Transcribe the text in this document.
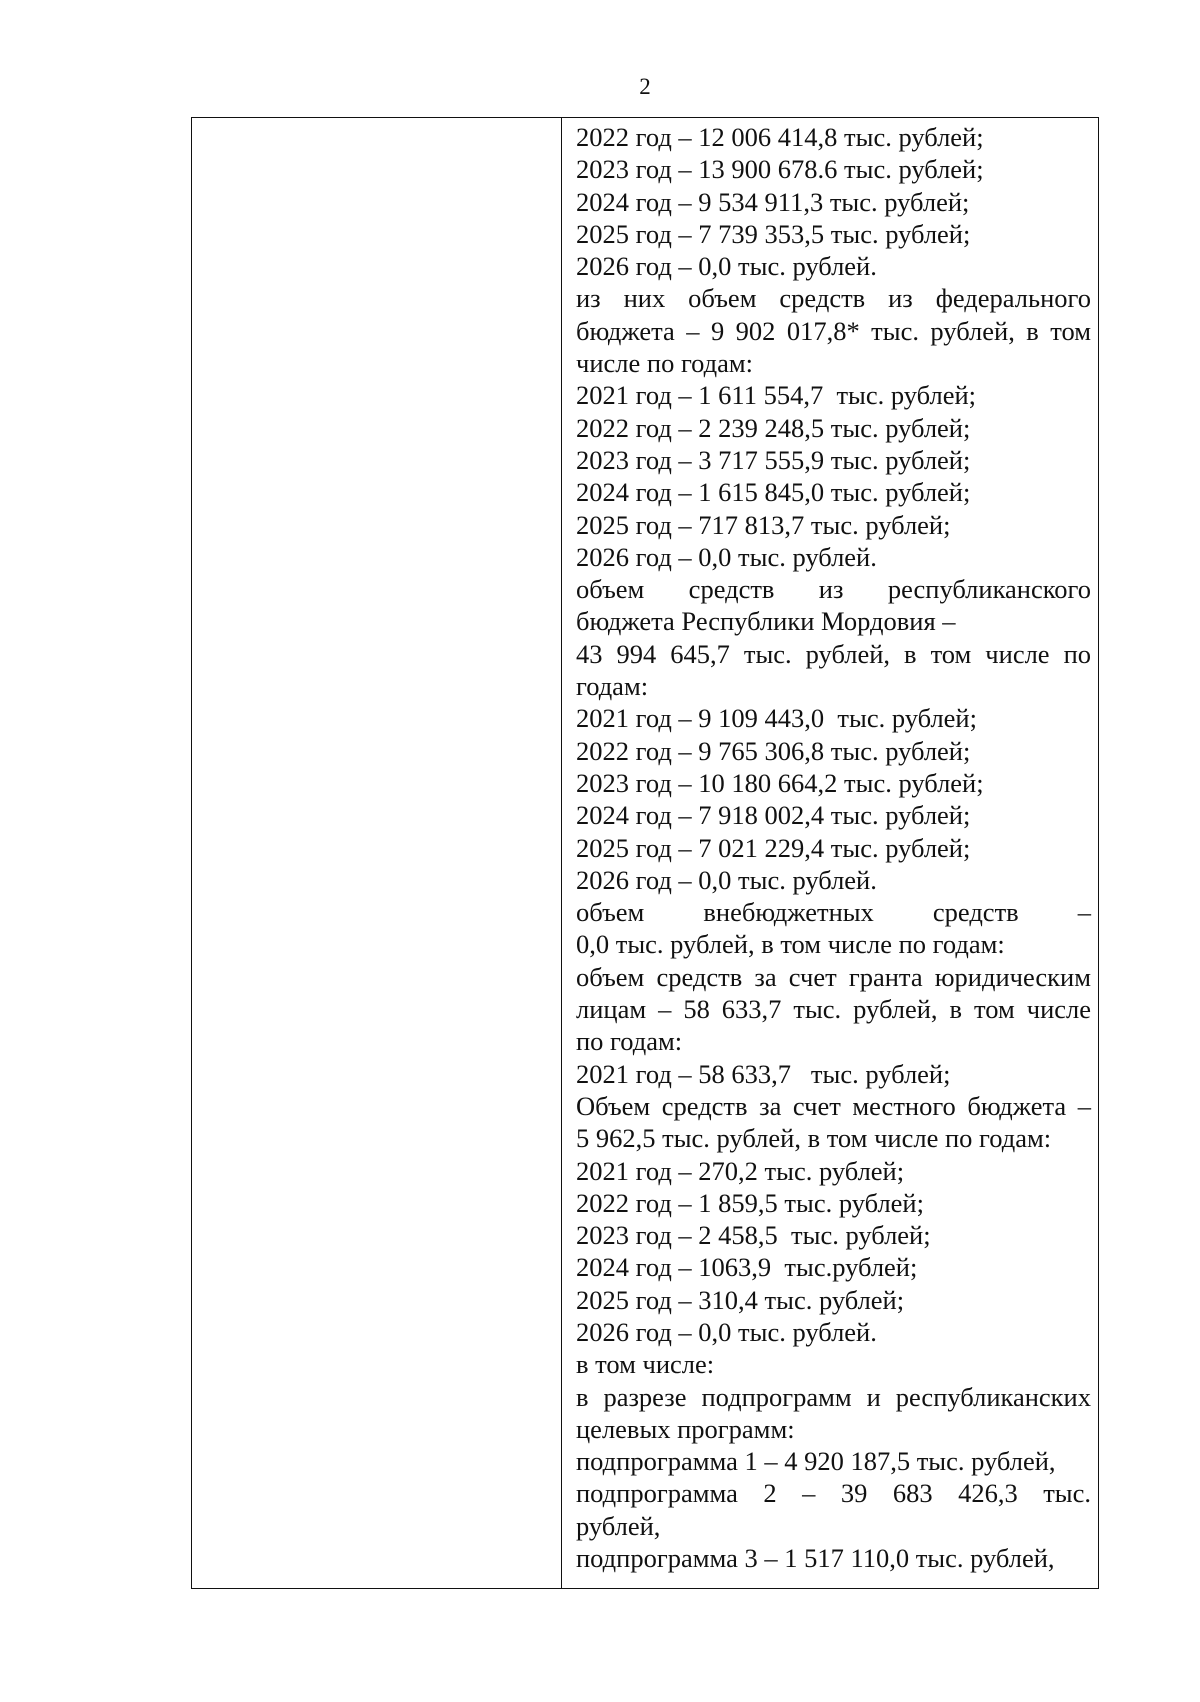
2
2022 год – 12 006 414,8 тыс. рублей;
2023 год – 13 900 678.6 тыс. рублей;
2024 год – 9 534 911,3 тыс. рублей;
2025 год – 7 739 353,5 тыс. рублей;
2026 год – 0,0 тыс. рублей.
из них объем средств из федерального
бюджета – 9 902 017,8* тыс. рублей, в том
числе по годам:
2021 год – 1 611 554,7  тыс. рублей;
2022 год – 2 239 248,5 тыс. рублей;
2023 год – 3 717 555,9 тыс. рублей;
2024 год – 1 615 845,0 тыс. рублей;
2025 год – 717 813,7 тыс. рублей;
2026 год – 0,0 тыс. рублей.
объем средств из республиканского
бюджета Республики Мордовия –
43 994 645,7 тыс. рублей, в том числе по
годам:
2021 год – 9 109 443,0  тыс. рублей;
2022 год – 9 765 306,8 тыс. рублей;
2023 год – 10 180 664,2 тыс. рублей;
2024 год – 7 918 002,4 тыс. рублей;
2025 год – 7 021 229,4 тыс. рублей;
2026 год – 0,0 тыс. рублей.
объем внебюджетных средств –
0,0 тыс. рублей, в том числе по годам:
объем средств за счет гранта юридическим
лицам – 58 633,7 тыс. рублей, в том числе
по годам:
2021 год – 58 633,7   тыс. рублей;
Объем средств за счет местного бюджета –
5 962,5 тыс. рублей, в том числе по годам:
2021 год – 270,2 тыс. рублей;
2022 год – 1 859,5 тыс. рублей;
2023 год – 2 458,5  тыс. рублей;
2024 год – 1063,9  тыс.рублей;
2025 год – 310,4 тыс. рублей;
2026 год – 0,0 тыс. рублей.
в том числе:
в разрезе подпрограмм и республиканских
целевых программ:
подпрограмма 1 – 4 920 187,5 тыс. рублей,
подпрограмма 2 – 39 683 426,3 тыс.
рублей,
подпрограмма 3 – 1 517 110,0 тыс. рублей,
